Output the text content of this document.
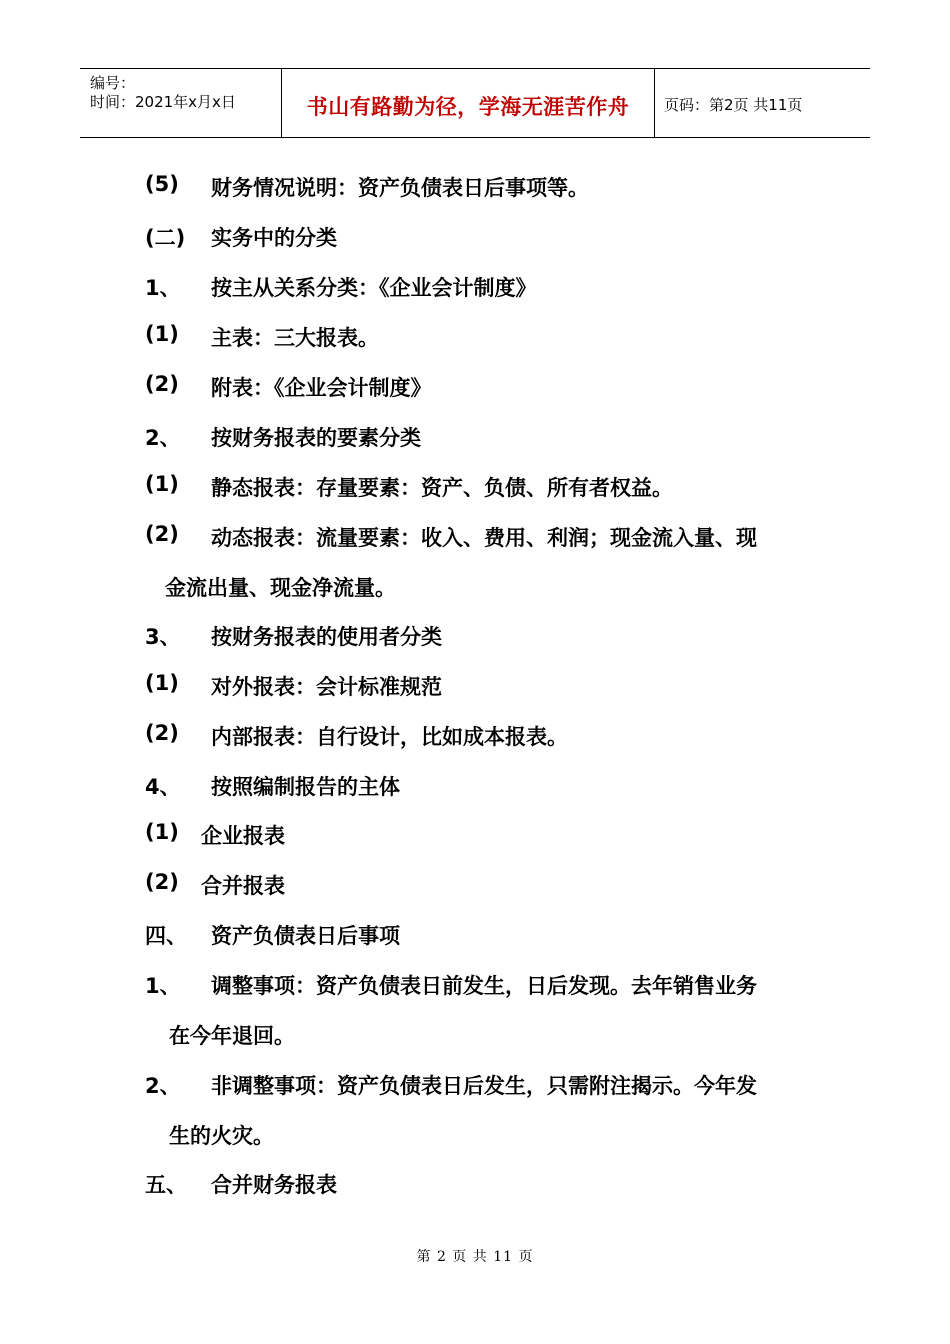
编号：
时间：2021年x月x日	书山有路勤为径，学海无涯苦作舟	页码：第2页 共11页
(5) 财务情况说明：资产负债表日后事项等。
(二) 实务中的分类
1、 按主从关系分类：《企业会计制度》
(1) 主表：三大报表。
(2) 附表：《企业会计制度》
2、 按财务报表的要素分类
(1) 静态报表：存量要素：资产、负债、所有者权益。
(2) 动态报表：流量要素：收入、费用、利润；现金流入量、现
金流出量、现金净流量。
3、 按财务报表的使用者分类
(1) 对外报表：会计标准规范
(2) 内部报表：自行设计，比如成本报表。
4、 按照编制报告的主体
(1) 企业报表
(2) 合并报表
四、 资产负债表日后事项
1、 调整事项：资产负债表日前发生，日后发现。去年销售业务
在今年退回。
2、 非调整事项：资产负债表日后发生，只需附注揭示。今年发
生的火灾。
五、 合并财务报表
第 2 页 共 11 页
